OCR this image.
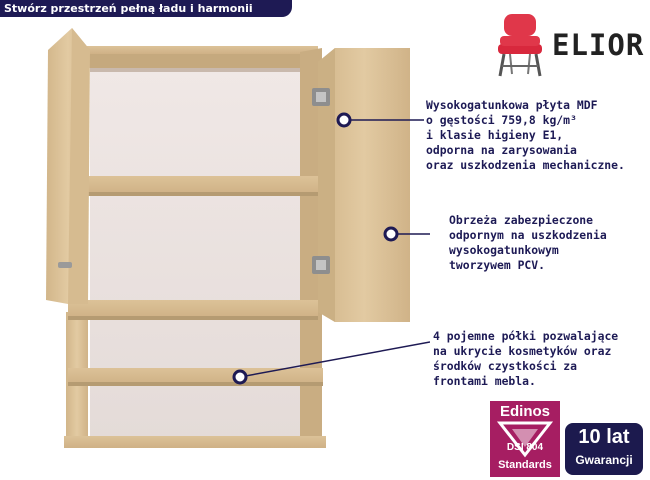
Stwórz przestrzeń pełną ładu i harmonii
ELIOR
Wysokogatunkowa płyta MDF
o gęstości 759,8 kg/m³
i klasie higieny E1,
odporna na zarysowania
oraz uszkodzenia mechaniczne.
Obrzeża zabezpieczone
odpornym na uszkodzenia
wysokogatunkowym
tworzywem PCV.
4 pojemne półki pozwalające
na ukrycie kosmetyków oraz
środków czystkości za
frontami mebla.
Edinos
DSI 804
Standards
10 lat
Gwarancji
